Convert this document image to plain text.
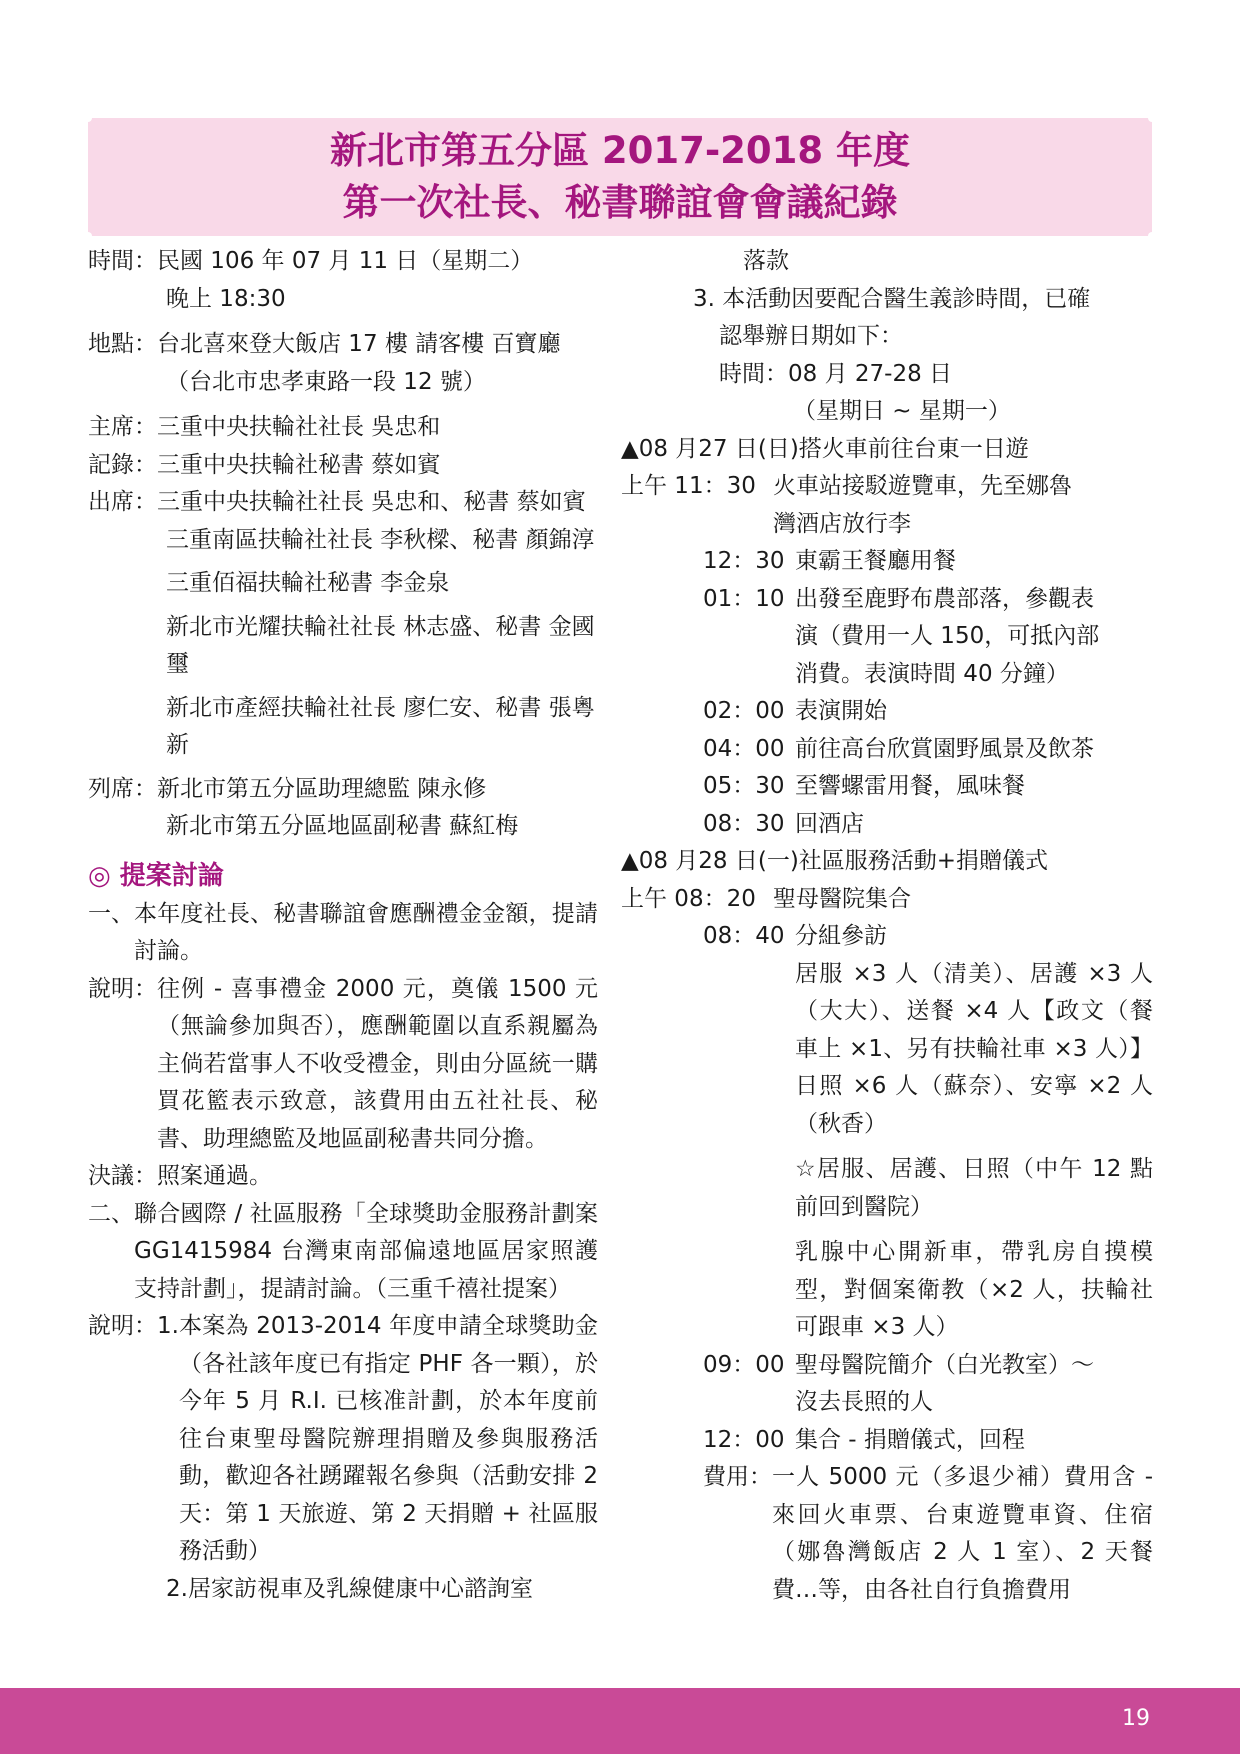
新北市第五分區 2017-2018 年度
第一次社長、秘書聯誼會會議紀錄
時間： 民國 106 年 07 月 11 日（星期二）
晚上 18:30
地點： 台北喜來登大飯店 17 樓 請客樓 百寶廳
（台北市忠孝東路一段 12 號）
主席： 三重中央扶輪社社長 吳忠和
記錄： 三重中央扶輪社秘書 蔡如賓
出席： 三重中央扶輪社社長 吳忠和、秘書 蔡如賓
三重南區扶輪社社長 李秋樑、秘書 顏錦淳
三重佰福扶輪社秘書 李金泉
新北市光耀扶輪社社長 林志盛、秘書 金國璽
新北市產經扶輪社社長 廖仁安、秘書 張粵新
列席： 新北市第五分區助理總監 陳永修
新北市第五分區地區副秘書 蘇紅梅
◎ 提案討論
一、 本年度社長、秘書聯誼會應酬禮金金額，提請討論。
說明： 往例 - 喜事禮金 2000 元，奠儀 1500 元（無論參加與否），應酬範圍以直系親屬為主倘若當事人不收受禮金，則由分區統一購買花籃表示致意，該費用由五社社長、秘書、助理總監及地區副秘書共同分擔。
決議： 照案通過。
二、 聯合國際 / 社區服務「全球獎助金服務計劃案 GG1415984 台灣東南部偏遠地區居家照護支持計劃」，提請討論。（三重千禧社提案）
說明： 1. 本案為 2013-2014 年度申請全球獎助金（各社該年度已有指定 PHF 各一顆），於今年 5 月 R.I. 已核准計劃，於本年度前往台東聖母醫院辦理捐贈及參與服務活動，歡迎各社踴躍報名參與（活動安排 2 天：第 1 天旅遊、第 2 天捐贈 + 社區服務活動）
2. 居家訪視車及乳線健康中心諮詢室
落款
3. 本活動因要配合醫生義診時間，已確
認舉辦日期如下：
時間： 08 月 27-28 日
（星期日 ~ 星期一）
▲08 月27 日(日)搭火車前往台東一日遊
上午 11：30 火車站接駁遊覽車，先至娜魯
灣酒店放行李
12：30 東霸王餐廳用餐
01：10 出發至鹿野布農部落，參觀表
演（費用一人 150，可抵內部
消費。表演時間 40 分鐘）
02：00 表演開始
04：00 前往高台欣賞園野風景及飲茶
05：30 至響螺雷用餐，風味餐
08：30 回酒店
▲08 月28 日(一)社區服務活動+捐贈儀式
上午 08：20 聖母醫院集合
08：40 分組參訪
居服 ×3 人（清美）、居護 ×3 人（大大）、送餐 ×4 人【政文（餐車上 ×1、另有扶輪社車 ×3 人）】日照 ×6 人（蘇奈）、安寧 ×2 人（秋香）
☆居服、居護、日照（中午 12 點前回到醫院）
乳腺中心開新車，帶乳房自摸模型，對個案衛教（×2 人，扶輪社可跟車 ×3 人）
09：00 聖母醫院簡介（白光教室）～
沒去長照的人
12：00 集合 - 捐贈儀式，回程
費用： 一人 5000 元（多退少補）費用含 - 來回火車票、台東遊覽車資、住宿（娜魯灣飯店 2 人 1 室）、2 天餐費…等，由各社自行負擔費用
19
